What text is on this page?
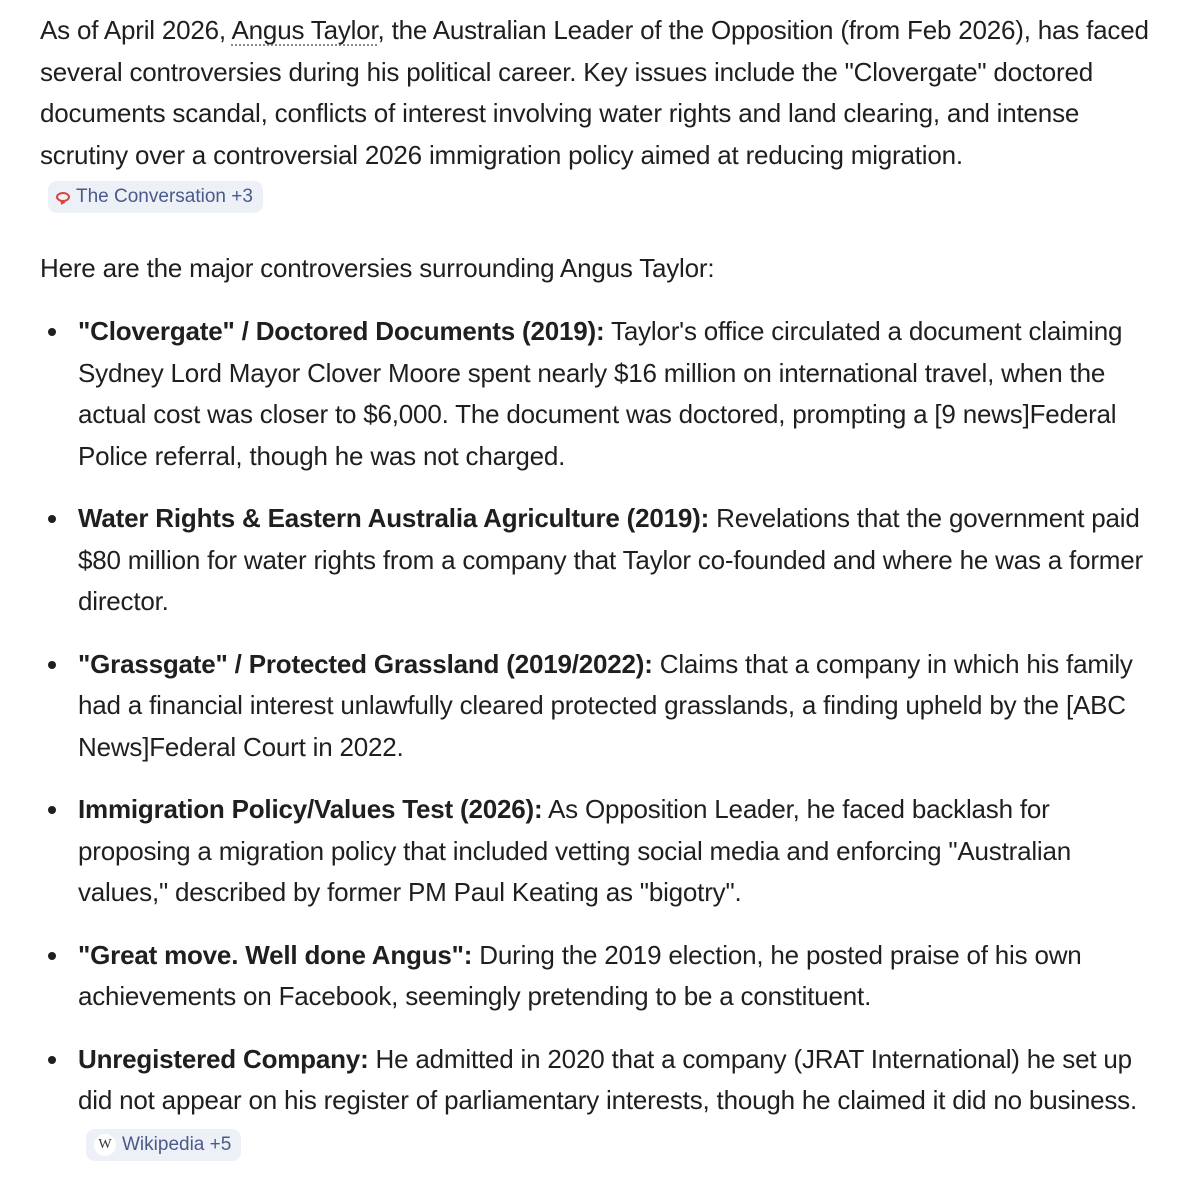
As of April 2026, Angus Taylor, the Australian Leader of the Opposition (from Feb 2026), has faced several controversies during his political career. Key issues include the "Clovergate" doctored documents scandal, conflicts of interest involving water rights and land clearing, and intense scrutiny over a controversial 2026 immigration policy aimed at reducing migration.
The Conversation +3

Here are the major controversies surrounding Angus Taylor:

"Clovergate" / Doctored Documents (2019): Taylor's office circulated a document claiming Sydney Lord Mayor Clover Moore spent nearly $16 million on international travel, when the actual cost was closer to $6,000. The document was doctored, prompting a [9 news]Federal Police referral, though he was not charged.
Water Rights & Eastern Australia Agriculture (2019): Revelations that the government paid $80 million for water rights from a company that Taylor co-founded and where he was a former director.
"Grassgate" / Protected Grassland (2019/2022): Claims that a company in which his family had a financial interest unlawfully cleared protected grasslands, a finding upheld by the [ABC News]Federal Court in 2022.
Immigration Policy/Values Test (2026): As Opposition Leader, he faced backlash for proposing a migration policy that included vetting social media and enforcing "Australian values," described by former PM Paul Keating as "bigotry".
"Great move. Well done Angus": During the 2019 election, he posted praise of his own achievements on Facebook, seemingly pretending to be a constituent.
Unregistered Company: He admitted in 2020 that a company (JRAT International) he set up did not appear on his register of parliamentary interests, though he claimed it did no business.
W Wikipedia +5
